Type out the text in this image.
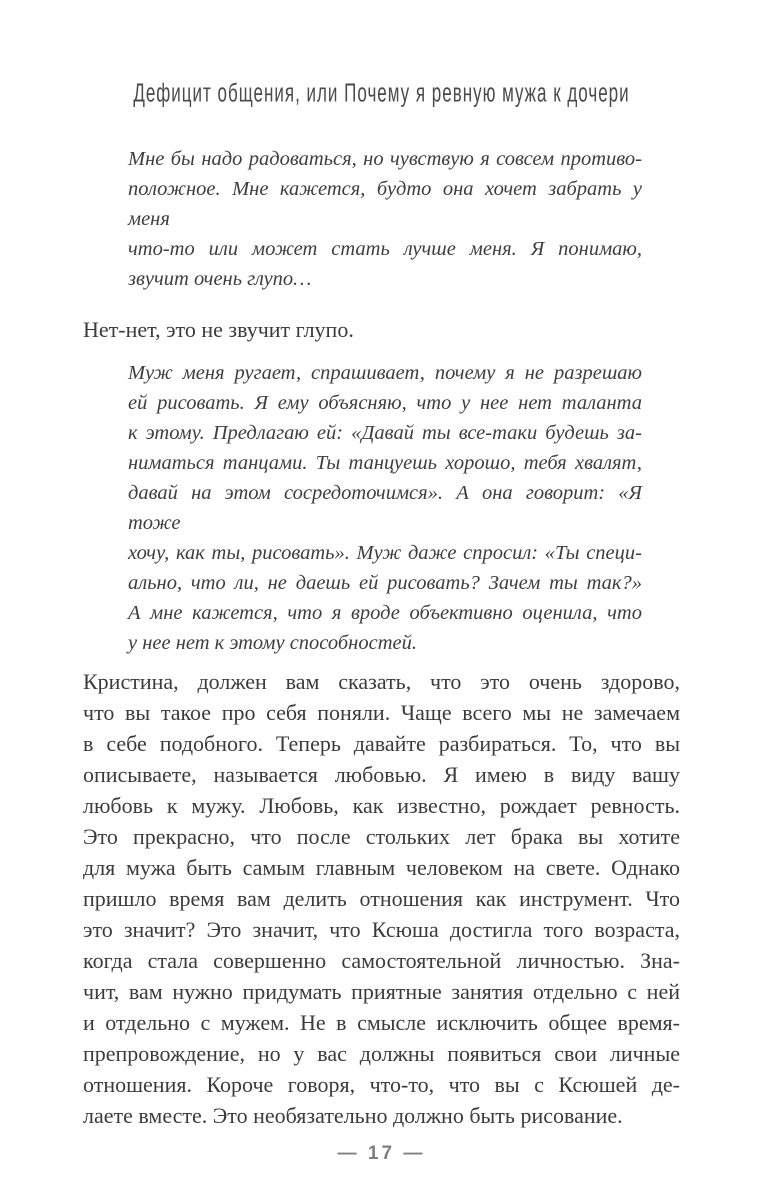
Дефицит общения, или Почему я ревную мужа к дочери
Мне бы надо радоваться, но чувствую я совсем противо-
положное. Мне кажется, будто она хочет забрать у меня
что-то или может стать лучше меня. Я понимаю,
звучит очень глупо…

Нет-нет, это не звучит глупо.

Муж меня ругает, спрашивает, почему я не разрешаю
ей рисовать. Я ему объясняю, что у нее нет таланта
к этому. Предлагаю ей: «Давай ты все-таки будешь за-
ниматься танцами. Ты танцуешь хорошо, тебя хвалят,
давай на этом сосредоточимся». А она говорит: «Я тоже
хочу, как ты, рисовать». Муж даже спросил: «Ты специ-
ально, что ли, не даешь ей рисовать? Зачем ты так?»
А мне кажется, что я вроде объективно оценила, что
у нее нет к этому способностей.
Кристина, должен вам сказать, что это очень здорово,
что вы такое про себя поняли. Чаще всего мы не замечаем
в себе подобного. Теперь давайте разбираться. То, что вы
описываете, называется любовью. Я имею в виду вашу
любовь к мужу. Любовь, как известно, рождает ревность.
Это прекрасно, что после стольких лет брака вы хотите
для мужа быть самым главным человеком на свете. Однако
пришло время вам делить отношения как инструмент. Что
это значит? Это значит, что Ксюша достигла того возраста,
когда стала совершенно самостоятельной личностью. Зна-
чит, вам нужно придумать приятные занятия отдельно с ней
и отдельно с мужем. Не в смысле исключить общее время-
препровождение, но у вас должны появиться свои личные
отношения. Короче говоря, что-то, что вы с Ксюшей де-
лаете вместе. Это необязательно должно быть рисование.
— 17 —
